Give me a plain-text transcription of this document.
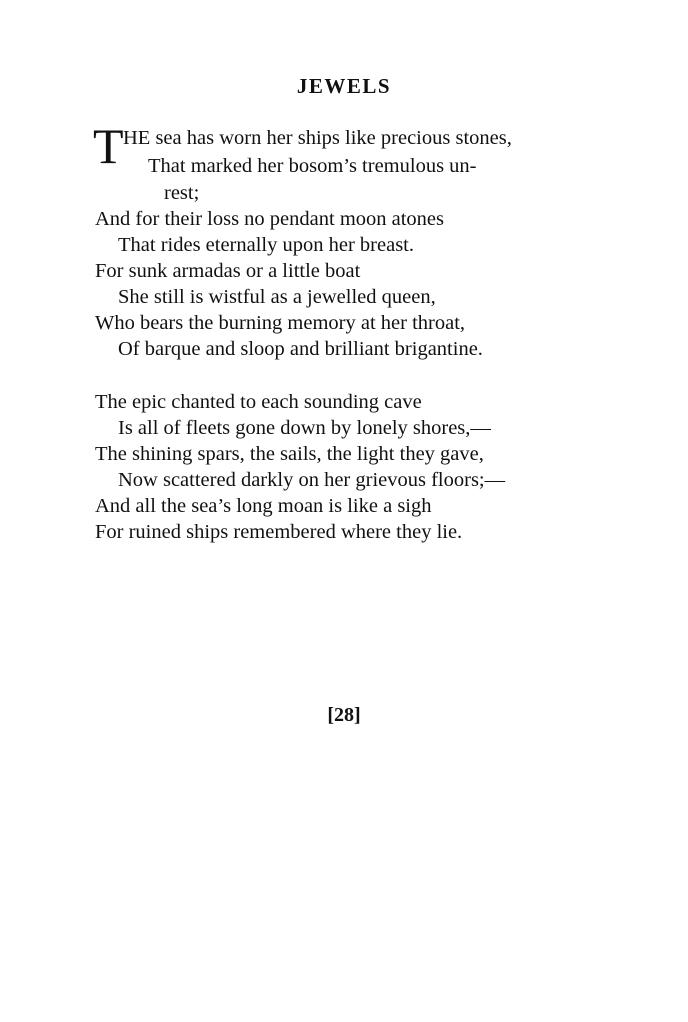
JEWELS
T HE sea has worn her ships like precious stones,
That marked her bosom’s tremulous un-
rest;
And for their loss no pendant moon atones
That rides eternally upon her breast.
For sunk armadas or a little boat
She still is wistful as a jewelled queen,
Who bears the burning memory at her throat,
Of barque and sloop and brilliant brigantine.
The epic chanted to each sounding cave
Is all of fleets gone down by lonely shores,—
The shining spars, the sails, the light they gave,
Now scattered darkly on her grievous floors;—
And all the sea’s long moan is like a sigh
For ruined ships remembered where they lie.
[28]
